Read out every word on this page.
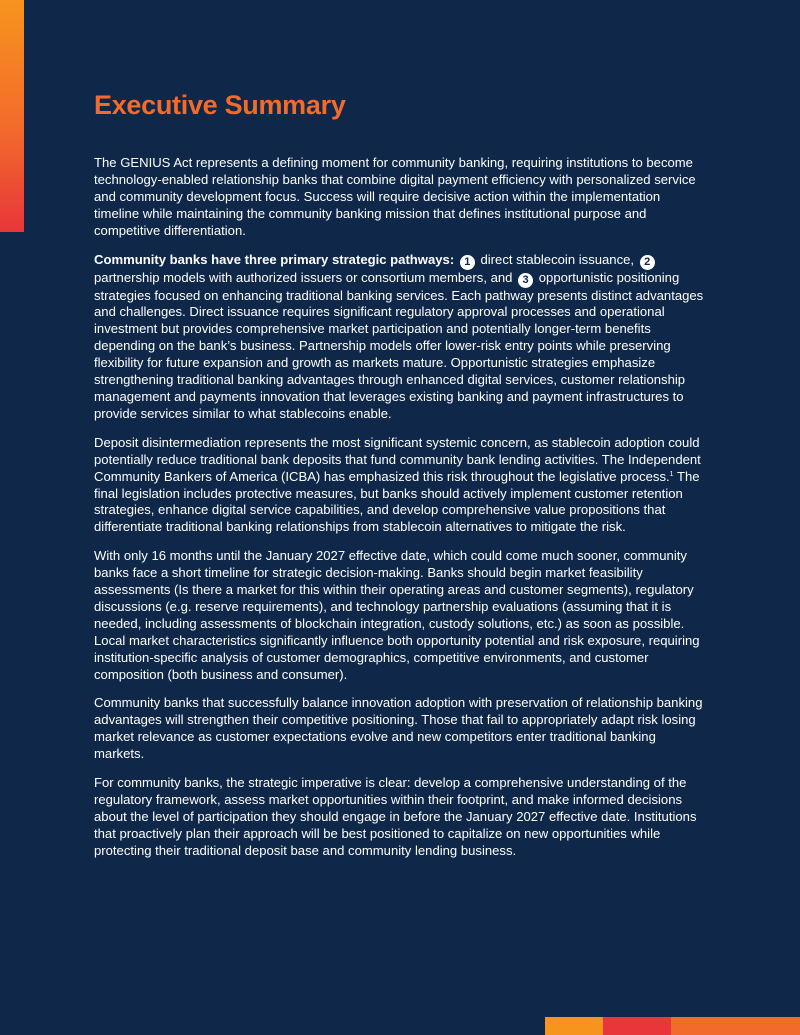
Executive Summary

The GENIUS Act represents a defining moment for community banking, requiring institutions to become technology-enabled relationship banks that combine digital payment efficiency with personalized service and community development focus. Success will require decisive action within the implementation timeline while maintaining the community banking mission that defines institutional purpose and competitive differentiation.

Community banks have three primary strategic pathways: 1 direct stablecoin issuance, 2 partnership models with authorized issuers or consortium members, and 3 opportunistic positioning strategies focused on enhancing traditional banking services. Each pathway presents distinct advantages and challenges. Direct issuance requires significant regulatory approval processes and operational investment but provides comprehensive market participation and potentially longer-term benefits depending on the bank’s business. Partnership models offer lower-risk entry points while preserving flexibility for future expansion and growth as markets mature. Opportunistic strategies emphasize strengthening traditional banking advantages through enhanced digital services, customer relationship management and payments innovation that leverages existing banking and payment infrastructures to provide services similar to what stablecoins enable.

Deposit disintermediation represents the most significant systemic concern, as stablecoin adoption could potentially reduce traditional bank deposits that fund community bank lending activities. The Independent Community Bankers of America (ICBA) has emphasized this risk throughout the legislative process.$^1$ The final legislation includes protective measures, but banks should actively implement customer retention strategies, enhance digital service capabilities, and develop comprehensive value propositions that differentiate traditional banking relationships from stablecoin alternatives to mitigate the risk.

With only 16 months until the January 2027 effective date, which could come much sooner, community banks face a short timeline for strategic decision-making. Banks should begin market feasibility assessments (Is there a market for this within their operating areas and customer segments), regulatory discussions (e.g. reserve requirements), and technology partnership evaluations (assuming that it is needed, including assessments of blockchain integration, custody solutions, etc.) as soon as possible. Local market characteristics significantly influence both opportunity potential and risk exposure, requiring institution-specific analysis of customer demographics, competitive environments, and customer composition (both business and consumer).

Community banks that successfully balance innovation adoption with preservation of relationship banking advantages will strengthen their competitive positioning. Those that fail to appropriately adapt risk losing market relevance as customer expectations evolve and new competitors enter traditional banking markets.

For community banks, the strategic imperative is clear: develop a comprehensive understanding of the regulatory framework, assess market opportunities within their footprint, and make informed decisions about the level of participation they should engage in before the January 2027 effective date. Institutions that proactively plan their approach will be best positioned to capitalize on new opportunities while protecting their traditional deposit base and community lending business.
